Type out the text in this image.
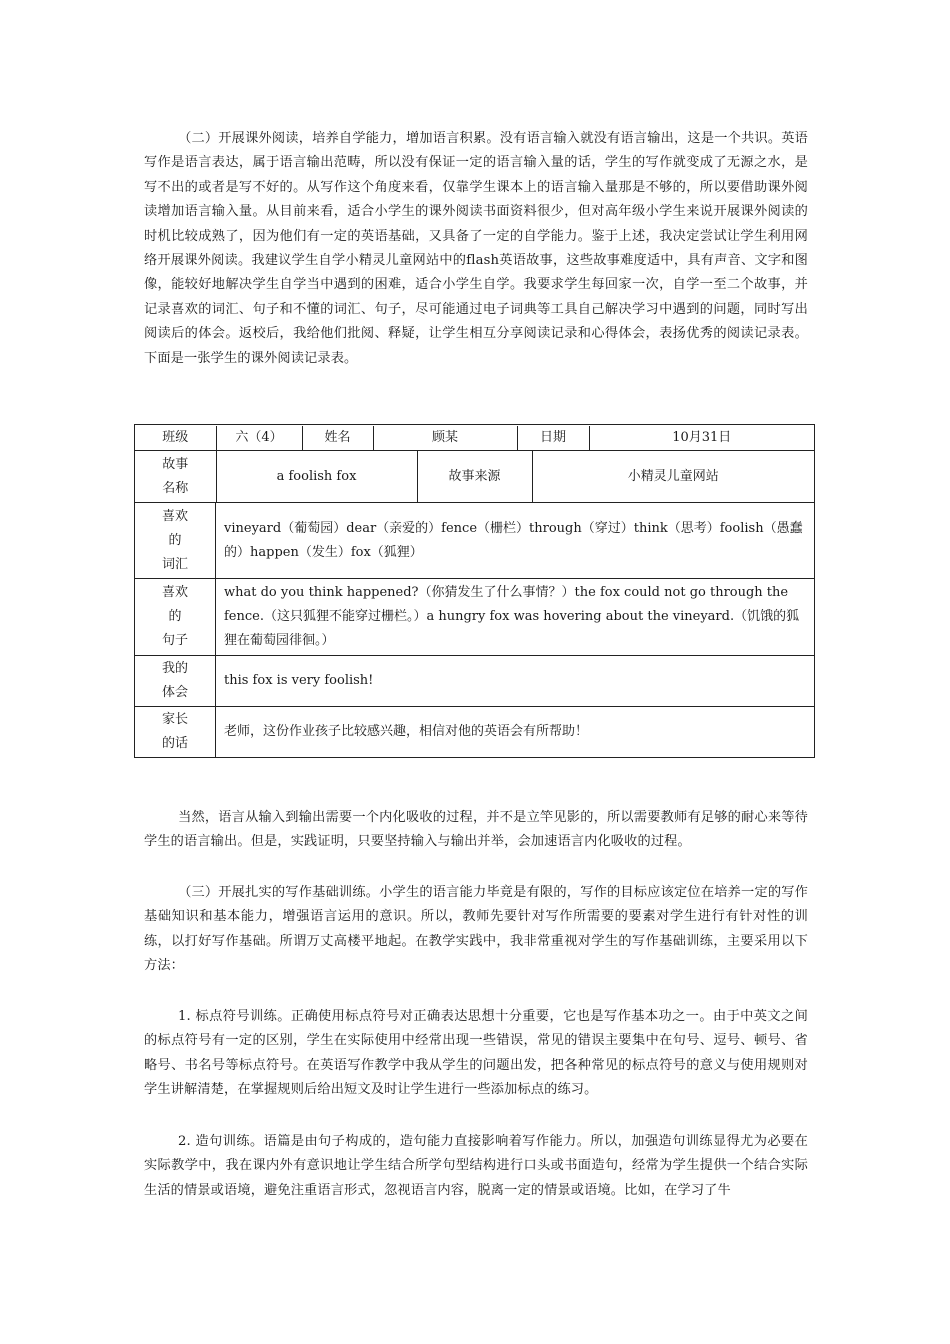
（二）开展课外阅读，培养自学能力，增加语言积累。没有语言输入就没有语言输出，这是一个共识。英语写作是语言表达，属于语言输出范畴，所以没有保证一定的语言输入量的话，学生的写作就变成了无源之水，是写不出的或者是写不好的。从写作这个角度来看，仅靠学生课本上的语言输入量那是不够的，所以要借助课外阅读增加语言输入量。从目前来看，适合小学生的课外阅读书面资料很少，但对高年级小学生来说开展课外阅读的时机比较成熟了，因为他们有一定的英语基础，又具备了一定的自学能力。鉴于上述，我决定尝试让学生利用网络开展课外阅读。我建议学生自学小精灵儿童网站中的flash英语故事，这些故事难度适中，具有声音、文字和图像，能较好地解决学生自学当中遇到的困难，适合小学生自学。我要求学生每回家一次，自学一至二个故事，并记录喜欢的词汇、句子和不懂的词汇、句子，尽可能通过电子词典等工具自己解决学习中遇到的问题，同时写出阅读后的体会。返校后，我给他们批阅、释疑，让学生相互分享阅读记录和心得体会，表扬优秀的阅读记录表。下面是一张学生的课外阅读记录表。

班级	六（4）	姓名	顾某	日期	10月31日

故事
名称	a foolish fox	故事来源	小精灵儿童网站

喜欢
的
词汇	vineyard（葡萄园）dear（亲爱的）fence（栅栏）through（穿过）think（思考）foolish（愚蠢的）happen（发生）fox（狐狸）
喜欢
的
句子	what do you think happened?（你猜发生了什么事情？）the fox could not go through the fence.（这只狐狸不能穿过栅栏。）a hungry fox was hovering about the vineyard.（饥饿的狐狸在葡萄园徘徊。）
我的
体会	this fox is very foolish!
家长
的话	老师，这份作业孩子比较感兴趣，相信对他的英语会有所帮助！

当然，语言从输入到输出需要一个内化吸收的过程，并不是立竿见影的，所以需要教师有足够的耐心来等待学生的语言输出。但是，实践证明，只要坚持输入与输出并举，会加速语言内化吸收的过程。

（三）开展扎实的写作基础训练。小学生的语言能力毕竟是有限的，写作的目标应该定位在培养一定的写作基础知识和基本能力，增强语言运用的意识。所以，教师先要针对写作所需要的要素对学生进行有针对性的训练，以打好写作基础。所谓万丈高楼平地起。在教学实践中，我非常重视对学生的写作基础训练，主要采用以下方法：

1. 标点符号训练。正确使用标点符号对正确表达思想十分重要，它也是写作基本功之一。由于中英文之间的标点符号有一定的区别，学生在实际使用中经常出现一些错误，常见的错误主要集中在句号、逗号、顿号、省略号、书名号等标点符号。在英语写作教学中我从学生的问题出发，把各种常见的标点符号的意义与使用规则对学生讲解清楚，在掌握规则后给出短文及时让学生进行一些添加标点的练习。

2. 造句训练。语篇是由句子构成的，造句能力直接影响着写作能力。所以，加强造句训练显得尤为必要在实际教学中，我在课内外有意识地让学生结合所学句型结构进行口头或书面造句，经常为学生提供一个结合实际生活的情景或语境，避免注重语言形式，忽视语言内容，脱离一定的情景或语境。比如，在学习了牛
